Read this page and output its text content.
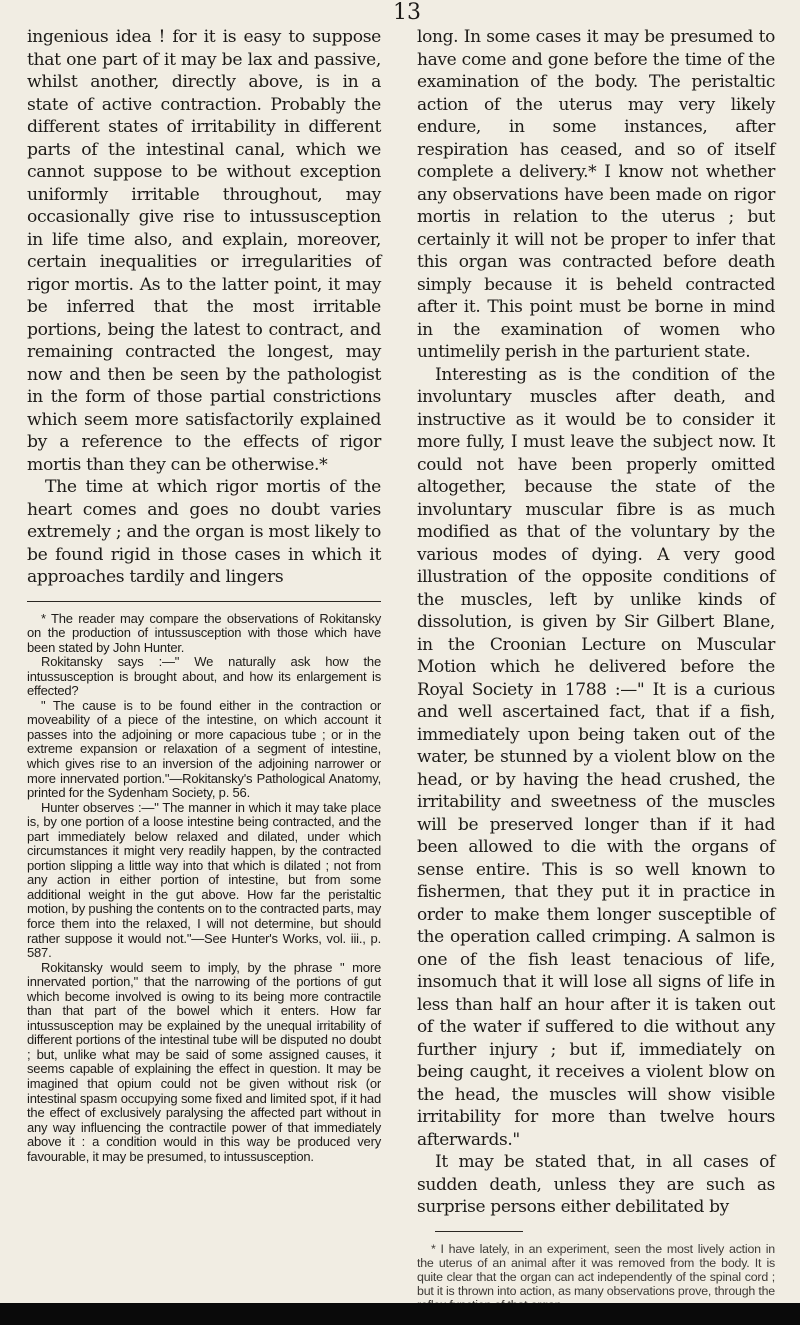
13

ingenious idea ! for it is easy to suppose that one part of it may be lax and passive, whilst another, directly above, is in a state of active contraction. Probably the different states of irritability in different parts of the intestinal canal, which we cannot suppose to be without exception uniformly irritable throughout, may occasionally give rise to intussusception in life time also, and explain, moreover, certain inequalities or irregularities of rigor mortis. As to the latter point, it may be inferred that the most irritable portions, being the latest to contract, and remaining contracted the longest, may now and then be seen by the pathologist in the form of those partial constrictions which seem more satisfactorily explained by a reference to the effects of rigor mortis than they can be otherwise.*

The time at which rigor mortis of the heart comes and goes no doubt varies extremely ; and the organ is most likely to be found rigid in those cases in which it approaches tardily and lingers

* The reader may compare the observations of Rokitansky on the production of intussusception with those which have been stated by John Hunter.

Rokitansky says :—" We naturally ask how the intussusception is brought about, and how its enlargement is effected?

" The cause is to be found either in the contraction or moveability of a piece of the intestine, on which account it passes into the adjoining or more capacious tube ; or in the extreme expansion or relaxation of a segment of intestine, which gives rise to an inversion of the adjoining narrower or more innervated portion."—Rokitansky's Pathological Anatomy, printed for the Sydenham Society, p. 56.

Hunter observes :—" The manner in which it may take place is, by one portion of a loose intestine being contracted, and the part immediately below relaxed and dilated, under which circumstances it might very readily happen, by the contracted portion slipping a little way into that which is dilated ; not from any action in either portion of intestine, but from some additional weight in the gut above. How far the peristaltic motion, by pushing the contents on to the contracted parts, may force them into the relaxed, I will not determine, but should rather suppose it would not."—See Hunter's Works, vol. iii., p. 587.

Rokitansky would seem to imply, by the phrase " more innervated portion," that the narrowing of the portions of gut which become involved is owing to its being more contractile than that part of the bowel which it enters. How far intussusception may be explained by the unequal irritability of different portions of the intestinal tube will be disputed no doubt ; but, unlike what may be said of some assigned causes, it seems capable of explaining the effect in question. It may be imagined that opium could not be given without risk (or intestinal spasm occupying some fixed and limited spot, if it had the effect of exclusively paralysing the affected part without in any way influencing the contractile power of that immediately above it : a condition would in this way be produced very favourable, it may be presumed, to intussusception.

long. In some cases it may be presumed to have come and gone before the time of the examination of the body. The peristaltic action of the uterus may very likely endure, in some instances, after respiration has ceased, and so of itself complete a delivery.* I know not whether any observations have been made on rigor mortis in relation to the uterus ; but certainly it will not be proper to infer that this organ was contracted before death simply because it is beheld contracted after it. This point must be borne in mind in the examination of women who untimelily perish in the parturient state.

Interesting as is the condition of the involuntary muscles after death, and instructive as it would be to consider it more fully, I must leave the subject now. It could not have been properly omitted altogether, because the state of the involuntary muscular fibre is as much modified as that of the voluntary by the various modes of dying. A very good illustration of the opposite conditions of the muscles, left by unlike kinds of dissolution, is given by Sir Gilbert Blane, in the Croonian Lecture on Muscular Motion which he delivered before the Royal Society in 1788 :—" It is a curious and well ascertained fact, that if a fish, immediately upon being taken out of the water, be stunned by a violent blow on the head, or by having the head crushed, the irritability and sweetness of the muscles will be preserved longer than if it had been allowed to die with the organs of sense entire. This is so well known to fishermen, that they put it in practice in order to make them longer susceptible of the operation called crimping. A salmon is one of the fish least tenacious of life, insomuch that it will lose all signs of life in less than half an hour after it is taken out of the water if suffered to die without any further injury ; but if, immediately on being caught, it receives a violent blow on the head, the muscles will show visible irritability for more than twelve hours afterwards."

It may be stated that, in all cases of sudden death, unless they are such as surprise persons either debilitated by

* I have lately, in an experiment, seen the most lively action in the uterus of an animal after it was removed from the body. It is quite clear that the organ can act independently of the spinal cord ; but it is thrown into action, as many observations prove, through the
